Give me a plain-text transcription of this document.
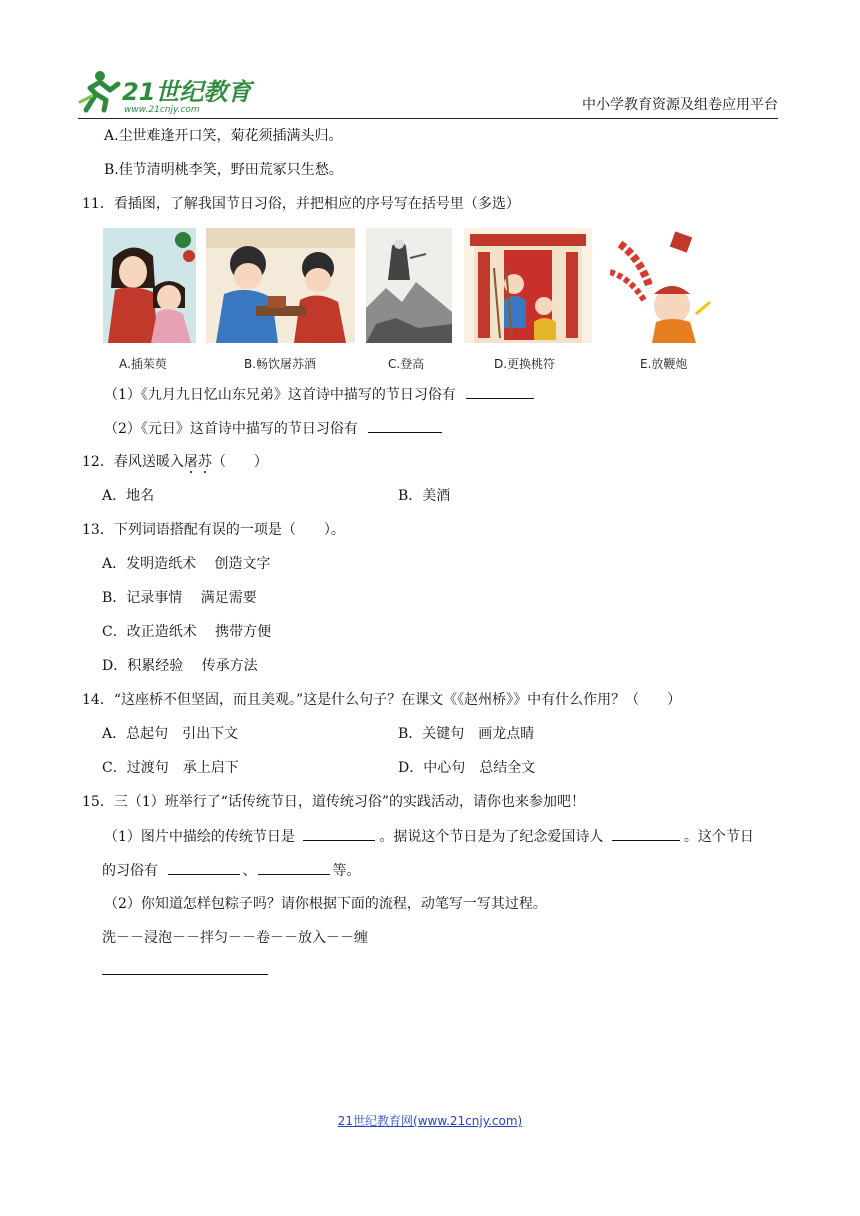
21世纪教育
www.21cnjy.com	中小学教育资源及组卷应用平台
A.尘世难逢开口笑，菊花须插满头归。
B.佳节清明桃李笑，野田荒冢只生愁。
11．看插图，了解我国节日习俗，并把相应的序号写在括号里（多选）
A.插茱萸	B.畅饮屠苏酒	C.登高	D.更换桃符	E.放鞭炮
（1）《九月九日忆山东兄弟》这首诗中描写的节日习俗有
（2）《元日》这首诗中描写的节日习俗有
12．春风送暖入屠苏（　　）
A．地名	B．美酒
13．下列词语搭配有误的一项是（　　）。
A．发明造纸术　 创造文字
B．记录事情　 满足需要
C．改正造纸术　 携带方便
D．积累经验　 传承方法
14．“这座桥不但坚固，而且美观。”这是什么句子？在课文《《赵州桥》》中有什么作用？（　　）
A．总起句　引出下文	B．关键句　画龙点睛
C．过渡句　承上启下	D．中心句　总结全文
15．三（1）班举行了“话传统节日，道传统习俗”的实践活动，请你也来参加吧！
（1）图片中描绘的传统节日是	。据说这个节日是为了纪念爱国诗人	。这个节日
的习俗有	、	等。
（2）你知道怎样包粽子吗？请你根据下面的流程，动笔写一写其过程。
洗－－浸泡－－拌匀－－卷－－放入－－缠
21世纪教育网(www.21cnjy.com)
